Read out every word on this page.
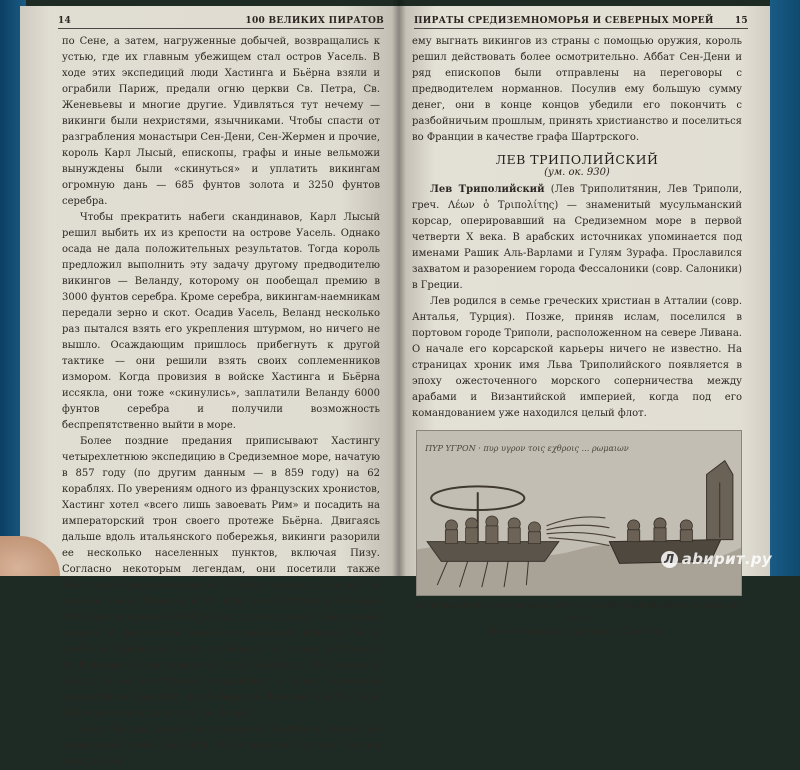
14	100 ВЕЛИКИХ ПИРАТОВ

по Сене, а затем, нагруженные добычей, возвращались к устью, где их главным убежищем стал остров Уасель. В ходе этих экспедиций люди Хастинга и Бьёрна взяли и ограбили Париж, предали огню церкви Св. Петра, Св. Женевьевы и многие другие. Удивляться тут нечему — викинги были нехристями, язычниками. Чтобы спасти от разграбления монастыри Сен-Дени, Сен-Жермен и прочие, король Карл Лысый, епископы, графы и иные вельможи вынуждены были «скинуться» и уплатить викингам огромную дань — 685 фунтов золота и 3250 фунтов серебра.

Чтобы прекратить набеги скандинавов, Карл Лысый решил выбить их из крепости на острове Уасель. Однако осада не дала положительных результатов. Тогда король предложил выполнить эту задачу другому предводителю викингов — Веланду, которому он пообещал премию в 3000 фунтов серебра. Кроме серебра, викингам-наемникам передали зерно и скот. Осадив Уасель, Веланд несколько раз пытался взять его укрепления штурмом, но ничего не вышло. Осаждающим пришлось прибегнуть к другой тактике — они решили взять своих соплеменников измором. Когда провизия в войске Хастинга и Бьёрна иссякла, они тоже «скинулись», заплатили Веланду 6000 фунтов серебра и получили возможность беспрепятственно выйти в море.

Более поздние предания приписывают Хастингу четырехлетнюю экспедицию в Средиземное море, начатую в 857 году (по другим данным — в 859 году) на 62 кораблях. По уверениям одного из французских хронистов, Хастинг хотел «всего лишь завоевать Рим» и посадить на императорский трон своего протеже Бьёрна. Двигаясь дальше вдоль итальянского побережья, викинги разорили ее несколько населенных пунктов, включая Пизу. Согласно некоторым легендам, они посетили также Восточное Средиземноморье, а затем повернули назад. По данным Гвина Джонса, в 861 году флот Хастинга и Бьёрна столкнулся в районе Гибралтарского пролива с флотилией мавров. В результате морского сражения викинги были разбиты. Примерно треть их бежала на север, добралась до Наварры и там разорила город Памплону. Полученный выкуп за ее властителя, угодившего в плен, норманны продолжили свой путь вдоль берегов Франции и в 862 году благополучно вошли в устье Луары.

Карл Лысый, узнав о возвращении Хастинга, вызвал на совещание своих вассалов. Хотя многие горячие головы предлагали

ПИРАТЫ СРЕДИЗЕМНОМОРЬЯ И СЕВЕРНЫХ МОРЕЙ 15

ему выгнать викингов из страны с помощью оружия, король решил действовать более осмотрительно. Аббат Сен-Дени и ряд епископов были отправлены на переговоры с предводителем норманнов. Посулив ему большую сумму денег, они в конце концов убедили его покончить с разбойничьим прошлым, принять христианство и поселиться во Франции в качестве графа Шартрского.

ЛЕВ ТРИПОЛИЙСКИЙ
(ум. ок. 930)

Лев Триполийский (Лев Триполитянин, Лев Триполи, греч. Λέων ὁ Τριπολίτης) — знаменитый мусульманский корсар, оперировавший на Средиземном море в первой четверти X века. В арабских источниках упоминается под именами Рашик Аль-Варлами и Гулям Зурафа. Прославился захватом и разорением города Фессалоники (совр. Салоники) в Греции.

Лев родился в семье греческих христиан в Атталии (совр. Анталья, Турция). Позже, приняв ислам, поселился в портовом городе Триполи, расположенном на севере Ливана. О начале его корсарской карьеры ничего не известно. На страницах хроник имя Льва Триполийского появляется в эпоху ожесточенного морского соперничества между арабами и Византийской империей, когда под его командованием уже находился целый флот.

ΠΥΡ ΥΓΡΟΝ · πυρ υγρον τοις εχθροις ... ρωμαιων
Использование «греческого огня» в арабо-византийских войнах на море.
Иллюстрация из рукописи Скилицы
Л abирит.ру
